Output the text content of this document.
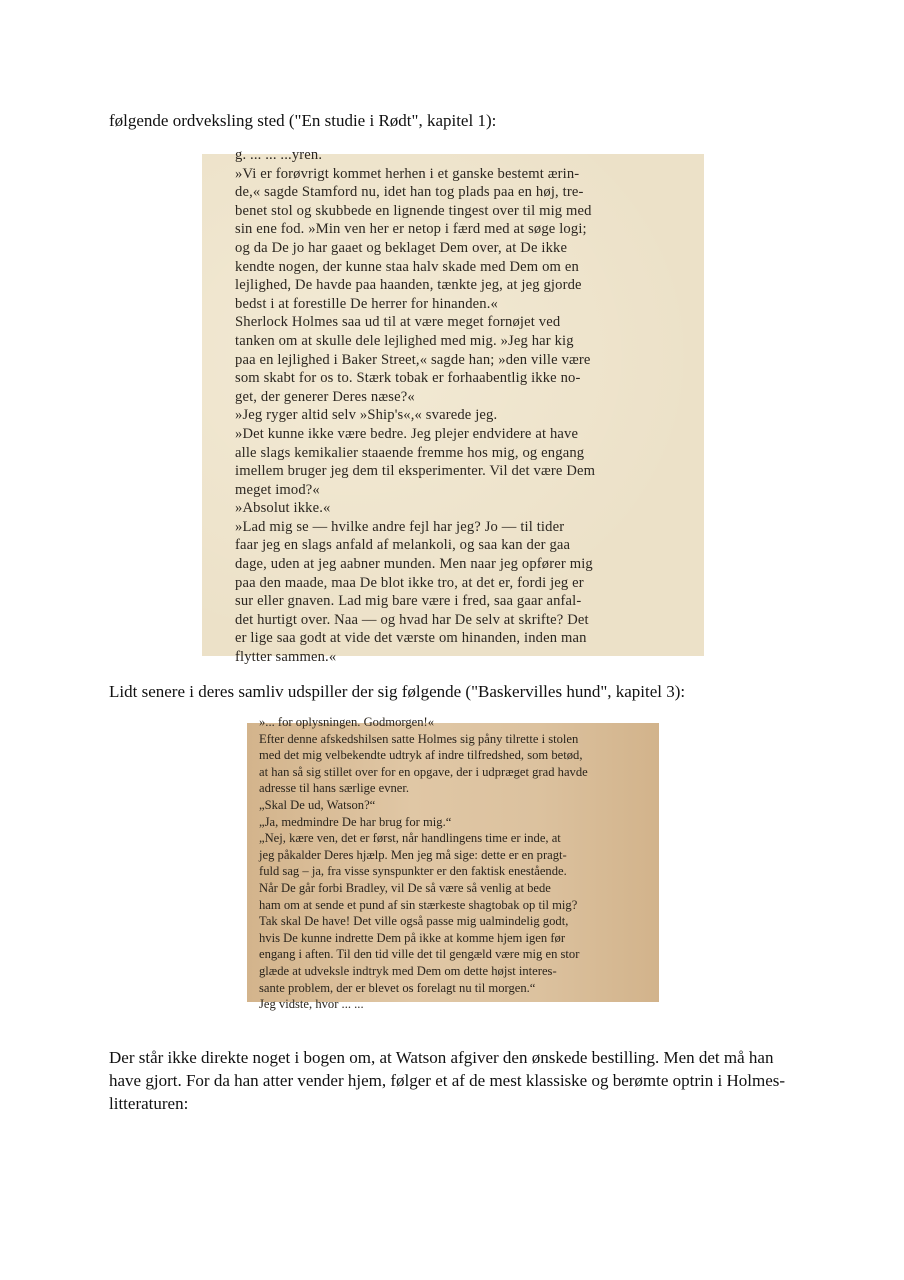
følgende ordveksling sted ("En studie i Rødt", kapitel 1):

g. ... ... ...yren.
»Vi er forøvrigt kommet herhen i et ganske bestemt ærin-
de,« sagde Stamford nu, idet han tog plads paa en høj, tre-
benet stol og skubbede en lignende tingest over til mig med
sin ene fod. »Min ven her er netop i færd med at søge logi;
og da De jo har gaaet og beklaget Dem over, at De ikke
kendte nogen, der kunne staa halv skade med Dem om en
lejlighed, De havde paa haanden, tænkte jeg, at jeg gjorde
bedst i at forestille De herrer for hinanden.«
Sherlock Holmes saa ud til at være meget fornøjet ved
tanken om at skulle dele lejlighed med mig. »Jeg har kig
paa en lejlighed i Baker Street,« sagde han; »den ville være
som skabt for os to. Stærk tobak er forhaabentlig ikke no-
get, der generer Deres næse?«
»Jeg ryger altid selv »Ship's«,« svarede jeg.
»Det kunne ikke være bedre. Jeg plejer endvidere at have
alle slags kemikalier staaende fremme hos mig, og engang
imellem bruger jeg dem til eksperimenter. Vil det være Dem
meget imod?«
»Absolut ikke.«
»Lad mig se — hvilke andre fejl har jeg? Jo — til tider
faar jeg en slags anfald af melankoli, og saa kan der gaa
dage, uden at jeg aabner munden. Men naar jeg opfører mig
paa den maade, maa De blot ikke tro, at det er, fordi jeg er
sur eller gnaven. Lad mig bare være i fred, saa gaar anfal-
det hurtigt over. Naa — og hvad har De selv at skrifte? Det
er lige saa godt at vide det værste om hinanden, inden man
flytter sammen.«

Lidt senere i deres samliv udspiller der sig følgende ("Baskervilles hund", kapitel 3):

»... for oplysningen. Godmorgen!«
Efter denne afskedshilsen satte Holmes sig påny tilrette i stolen
med det mig velbekendte udtryk af indre tilfredshed, som betød,
at han så sig stillet over for en opgave, der i udpræget grad havde
adresse til hans særlige evner.
„Skal De ud, Watson?“
„Ja, medmindre De har brug for mig.“
„Nej, kære ven, det er først, når handlingens time er inde, at
jeg påkalder Deres hjælp. Men jeg må sige: dette er en pragt-
fuld sag – ja, fra visse synspunkter er den faktisk enestående.
Når De går forbi Bradley, vil De så være så venlig at bede
ham om at sende et pund af sin stærkeste shagtobak op til mig?
Tak skal De have! Det ville også passe mig ualmindelig godt,
hvis De kunne indrette Dem på ikke at komme hjem igen før
engang i aften. Til den tid ville det til gengæld være mig en stor
glæde at udveksle indtryk med Dem om dette højst interes-
sante problem, der er blevet os forelagt nu til morgen.“
Jeg vidste, hvor ... ...

Der står ikke direkte noget i bogen om, at Watson afgiver den ønskede bestilling. Men det må han have gjort. For da han atter vender hjem, følger et af de mest klassiske og berømte optrin i Holmes-litteraturen:
